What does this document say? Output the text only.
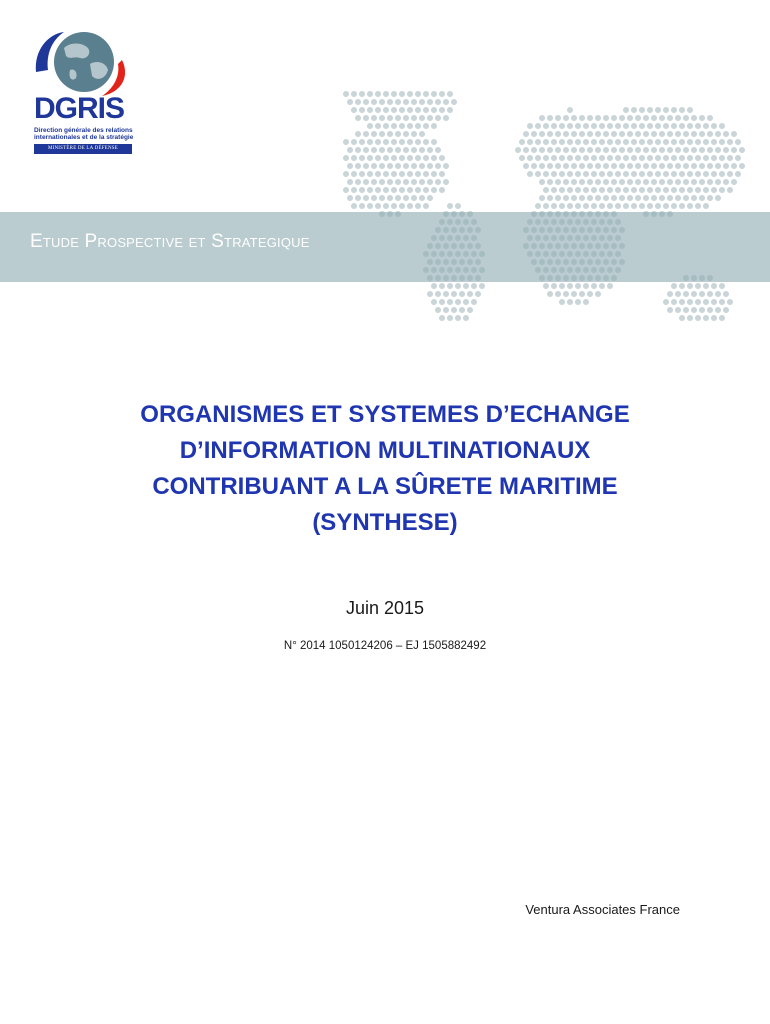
Etude Prospective et Strategique
DGRIS
Direction générale des relations internationales et de la stratégie
MINISTÈRE DE LA DÉFENSE
ORGANISMES ET SYSTEMES D’ECHANGE
D’INFORMATION MULTINATIONAUX
CONTRIBUANT A LA SÛRETE MARITIME
(SYNTHESE)
Juin 2015
N° 2014 1050124206 – EJ 1505882492
Ventura Associates France
